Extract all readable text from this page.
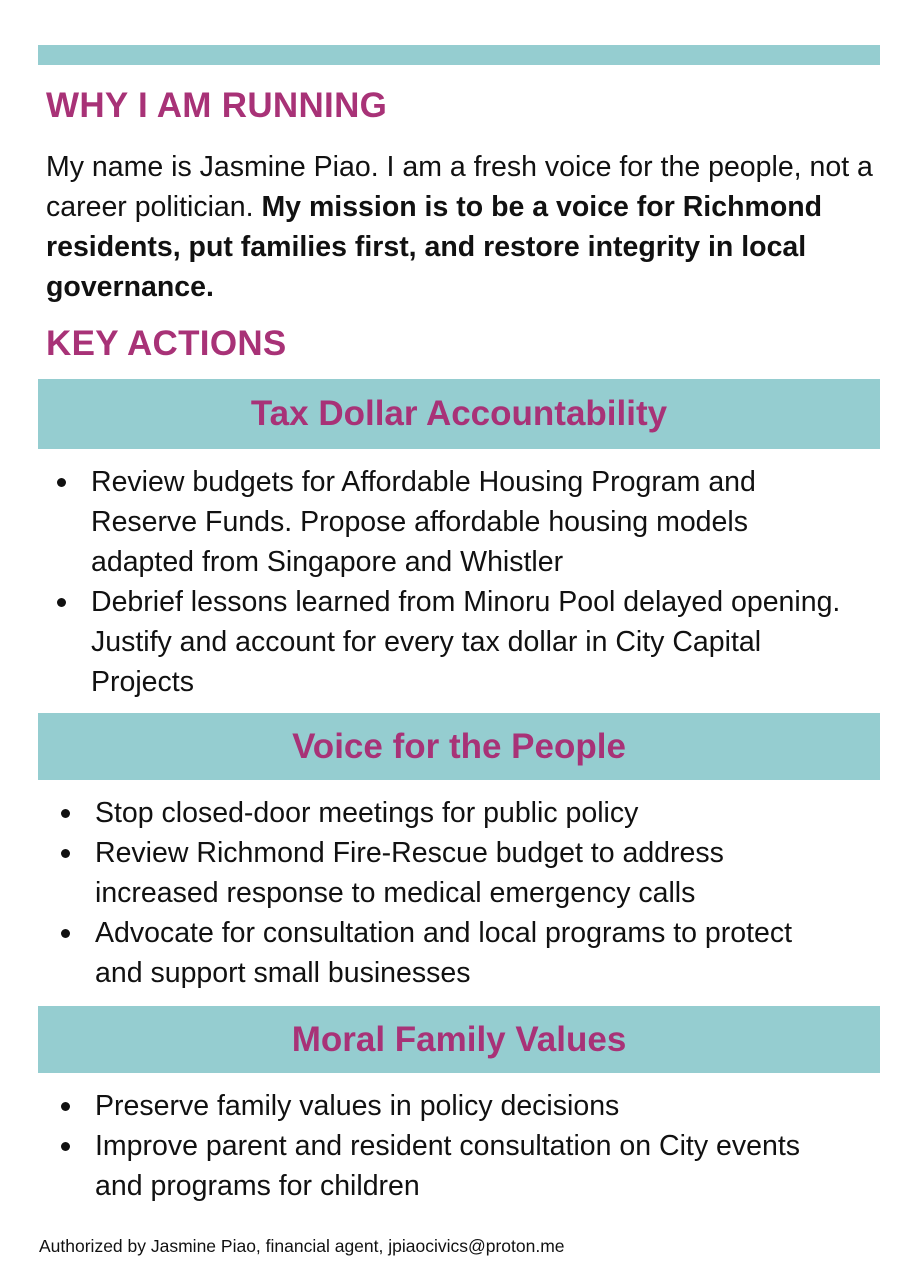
WHY I AM RUNNING

My name is Jasmine Piao. I am a fresh voice for the people, not a career politician. My mission is to be a voice for Richmond residents, put families first, and restore integrity in local governance.

KEY ACTIONS
Tax Dollar Accountability
Review budgets for Affordable Housing Program and Reserve Funds. Propose affordable housing models adapted from Singapore and Whistler
Debrief lessons learned from Minoru Pool delayed opening. Justify and account for every tax dollar in City Capital Projects
Voice for the People
Stop closed-door meetings for public policy
Review Richmond Fire-Rescue budget to address increased response to medical emergency calls
Advocate for consultation and local programs to protect and support small businesses
Moral Family Values
Preserve family values in policy decisions
Improve parent and resident consultation on City events and programs for children

Authorized by Jasmine Piao, financial agent, jpiaocivics@proton.me
